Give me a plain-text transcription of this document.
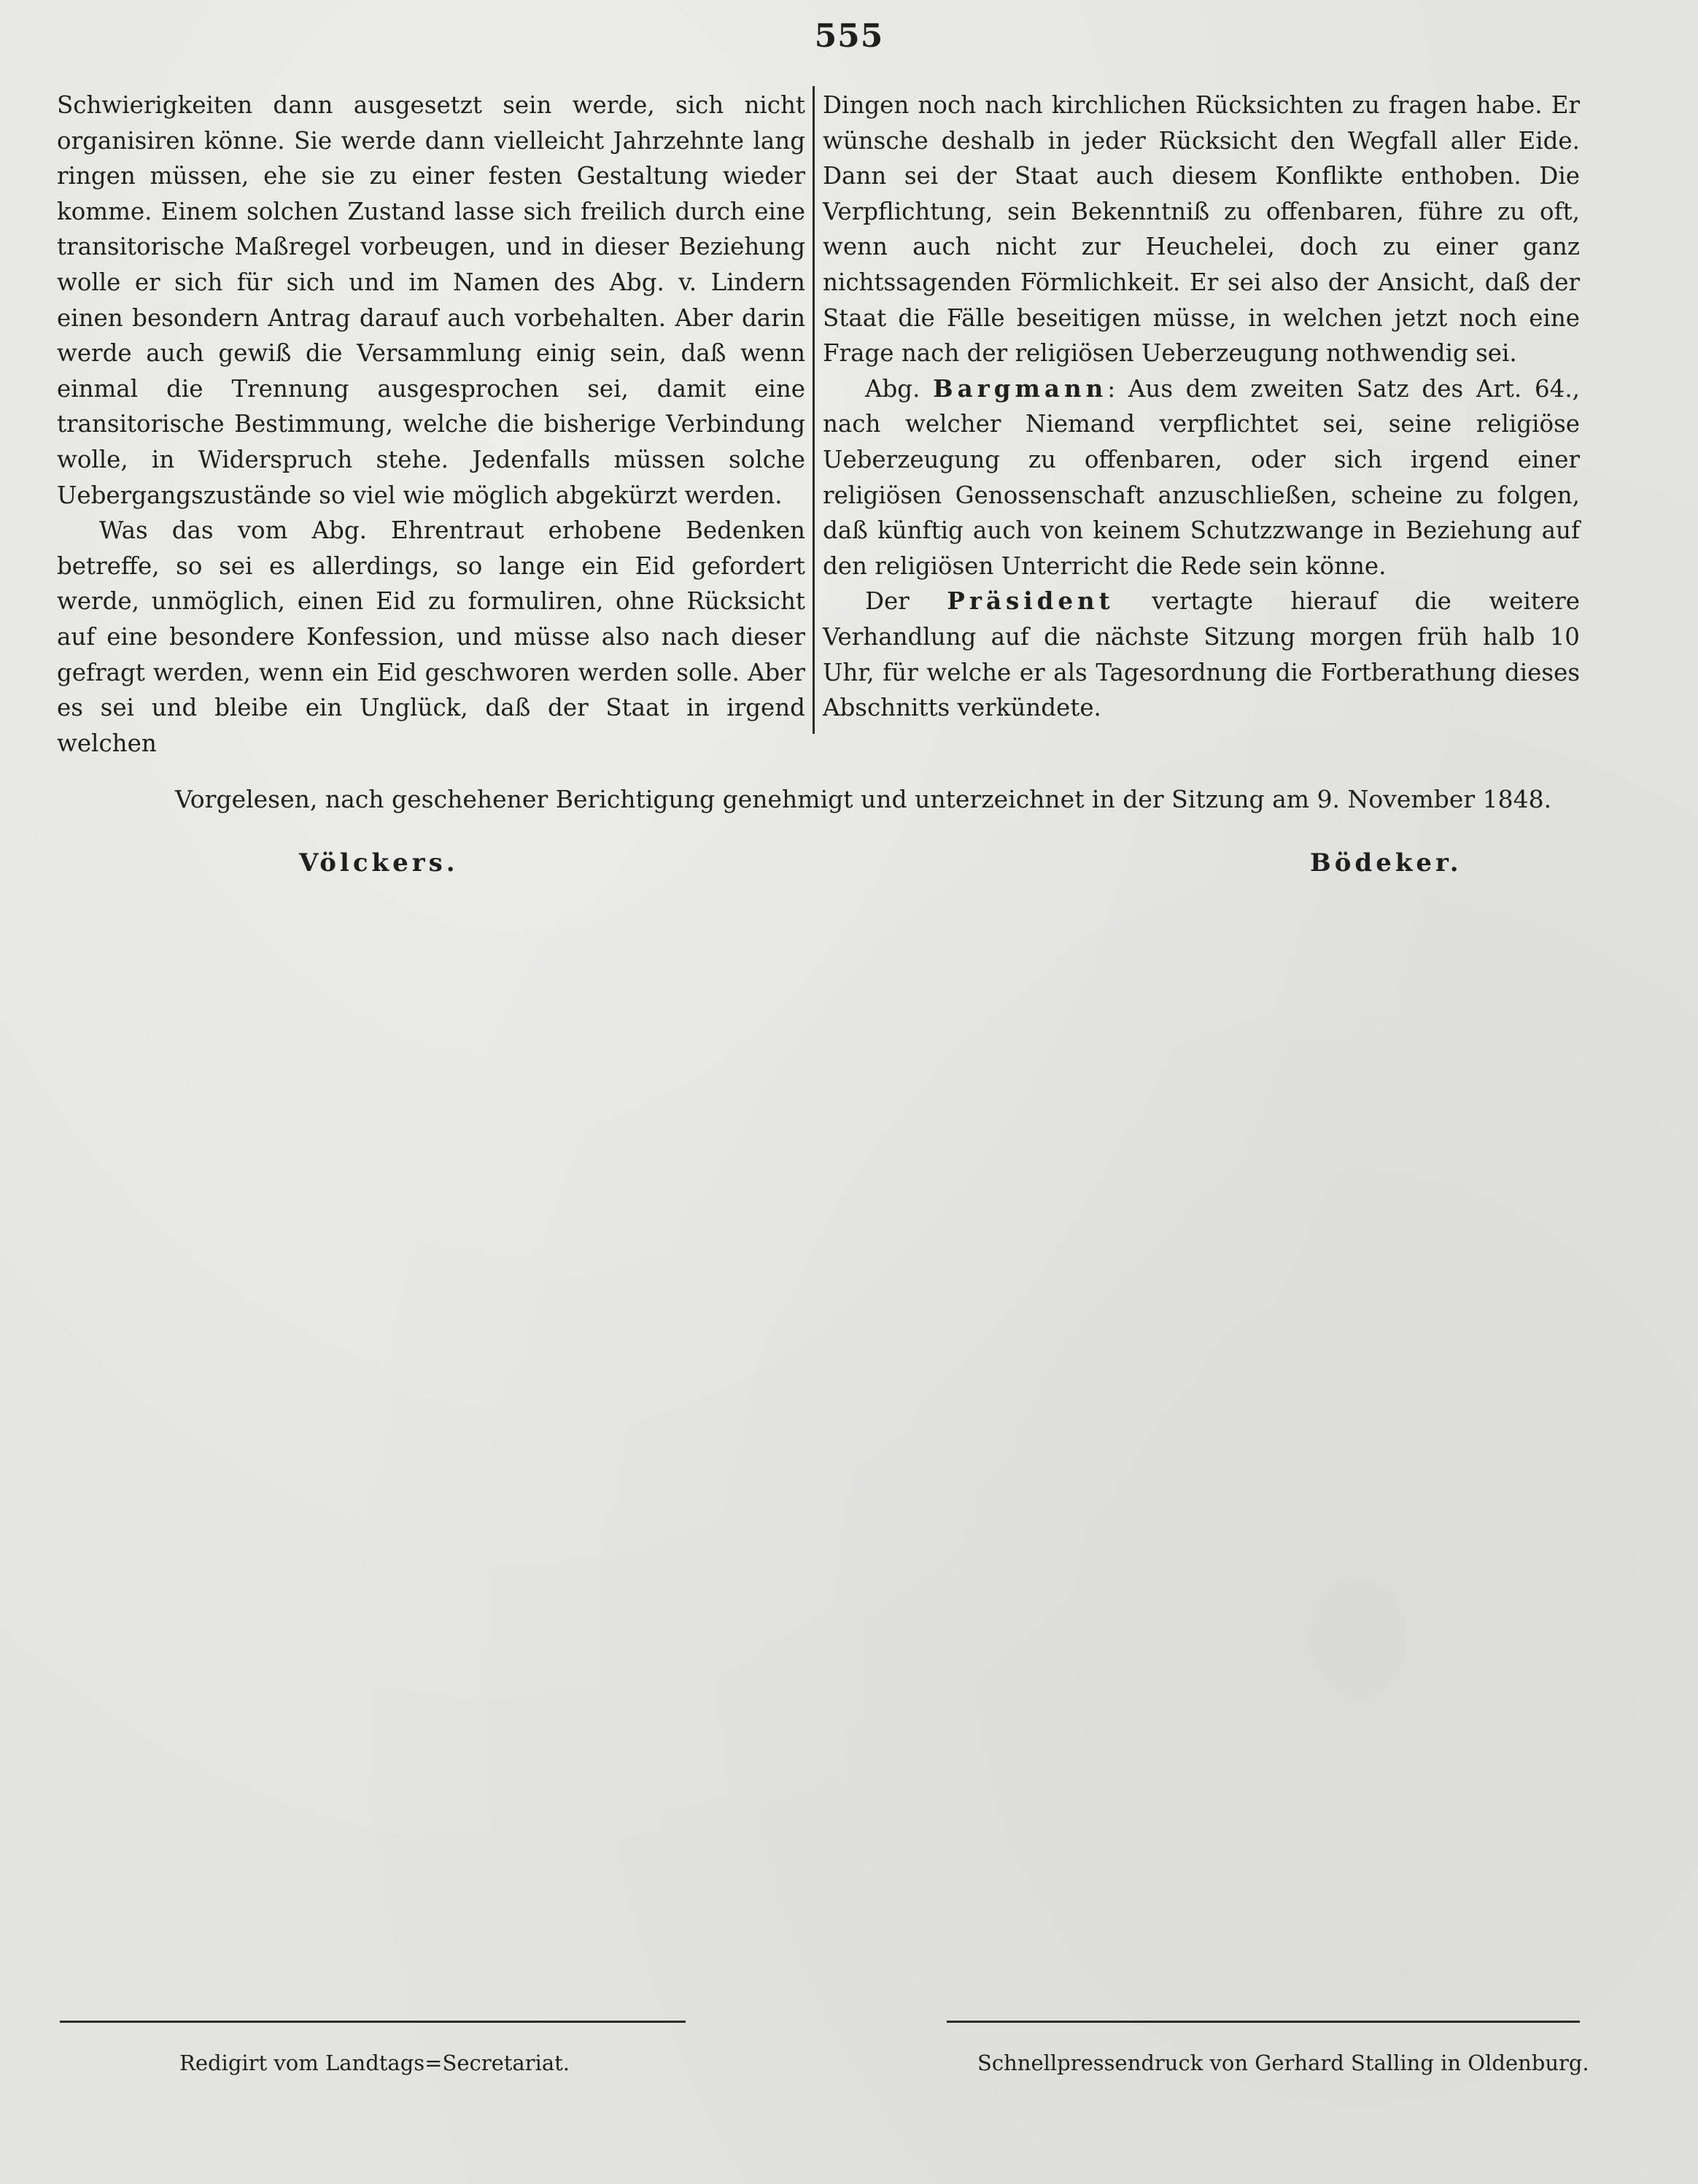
555

Schwierigkeiten dann ausgesetzt sein werde, sich nicht organisiren könne. Sie werde dann vielleicht Jahrzehnte lang ringen müssen, ehe sie zu einer festen Gestaltung wieder komme. Einem solchen Zustand lasse sich freilich durch eine transitorische Maßregel vorbeugen, und in dieser Beziehung wolle er sich für sich und im Namen des Abg. v. Lindern einen besondern Antrag darauf auch vorbehalten. Aber darin werde auch gewiß die Versammlung einig sein, daß wenn einmal die Trennung ausgesprochen sei, damit eine transitorische Bestimmung, welche die bisherige Verbindung wolle, in Widerspruch stehe. Jedenfalls müssen solche Uebergangszustände so viel wie möglich abgekürzt werden.

Was das vom Abg. Ehrentraut erhobene Bedenken betreffe, so sei es allerdings, so lange ein Eid gefordert werde, unmöglich, einen Eid zu formuliren, ohne Rücksicht auf eine besondere Konfession, und müsse also nach dieser gefragt werden, wenn ein Eid geschworen werden solle. Aber es sei und bleibe ein Unglück, daß der Staat in irgend welchen

Dingen noch nach kirchlichen Rücksichten zu fragen habe. Er wünsche deshalb in jeder Rücksicht den Wegfall aller Eide. Dann sei der Staat auch diesem Konflikte enthoben. Die Verpflichtung, sein Bekenntniß zu offenbaren, führe zu oft, wenn auch nicht zur Heuchelei, doch zu einer ganz nichtssagenden Förmlichkeit. Er sei also der Ansicht, daß der Staat die Fälle beseitigen müsse, in welchen jetzt noch eine Frage nach der religiösen Ueberzeugung nothwendig sei.

Abg. Bargmann: Aus dem zweiten Satz des Art. 64., nach welcher Niemand verpflichtet sei, seine religiöse Ueberzeugung zu offenbaren, oder sich irgend einer religiösen Genossenschaft anzuschließen, scheine zu folgen, daß künftig auch von keinem Schutzzwange in Beziehung auf den religiösen Unterricht die Rede sein könne.

Der Präsident vertagte hierauf die weitere Verhandlung auf die nächste Sitzung morgen früh halb 10 Uhr, für welche er als Tagesordnung die Fortberathung dieses Abschnitts verkündete.

Vorgelesen, nach geschehener Berichtigung genehmigt und unterzeichnet in der Sitzung am 9. November 1848.
Völckers.	Bödeker.
Redigirt vom Landtags=Secretariat.	Schnellpressendruck von Gerhard Stalling in Oldenburg.
